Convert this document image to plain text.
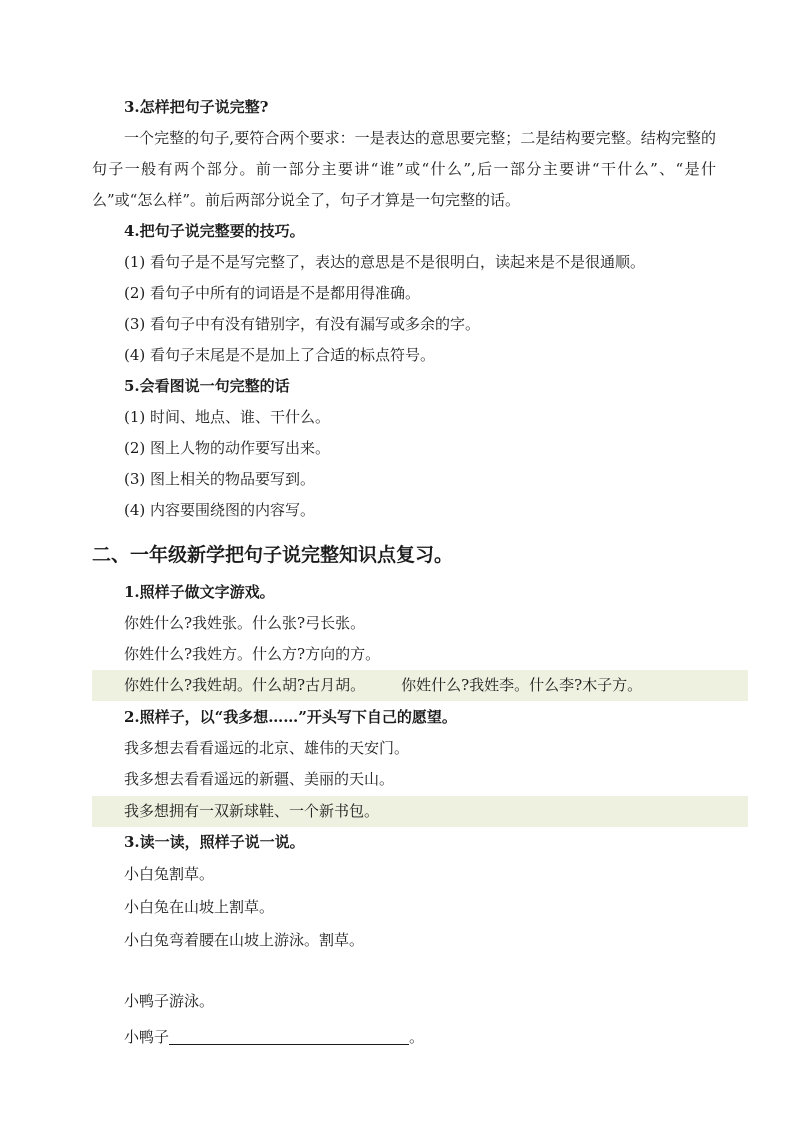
3.怎样把句子说完整?

一个完整的句子,要符合两个要求：一是表达的意思要完整；二是结构要完整。结构完整的句子一般有两个部分。前一部分主要讲“谁”或“什么”,后一部分主要讲“干什么”、“是什么”或“怎么样”。前后两部分说全了，句子才算是一句完整的话。

4.把句子说完整要的技巧。
(1) 看句子是不是写完整了，表达的意思是不是很明白，读起来是不是很通顺。
(2) 看句子中所有的词语是不是都用得准确。
(3) 看句子中有没有错别字，有没有漏写或多余的字。
(4) 看句子末尾是不是加上了合适的标点符号。
5.会看图说一句完整的话
(1) 时间、地点、谁、干什么。
(2) 图上人物的动作要写出来。
(3) 图上相关的物品要写到。
(4) 内容要围绕图的内容写。
二、一年级新学把句子说完整知识点复习。
1.照样子做文字游戏。
你姓什么?我姓张。什么张?弓长张。
你姓什么?我姓方。什么方?方向的方。
你姓什么?我姓胡。什么胡?古月胡。 你姓什么?我姓李。什么李?木子方。
2.照样子，以“我多想……”开头写下自己的愿望。
我多想去看看遥远的北京、雄伟的天安门。
我多想去看看遥远的新疆、美丽的天山。
我多想拥有一双新球鞋、一个新书包。
3.读一读，照样子说一说。
小白兔割草。
小白兔在山坡上割草。
小白兔弯着腰在山坡上游泳。割草。
小鸭子游泳。
小鸭子	。
